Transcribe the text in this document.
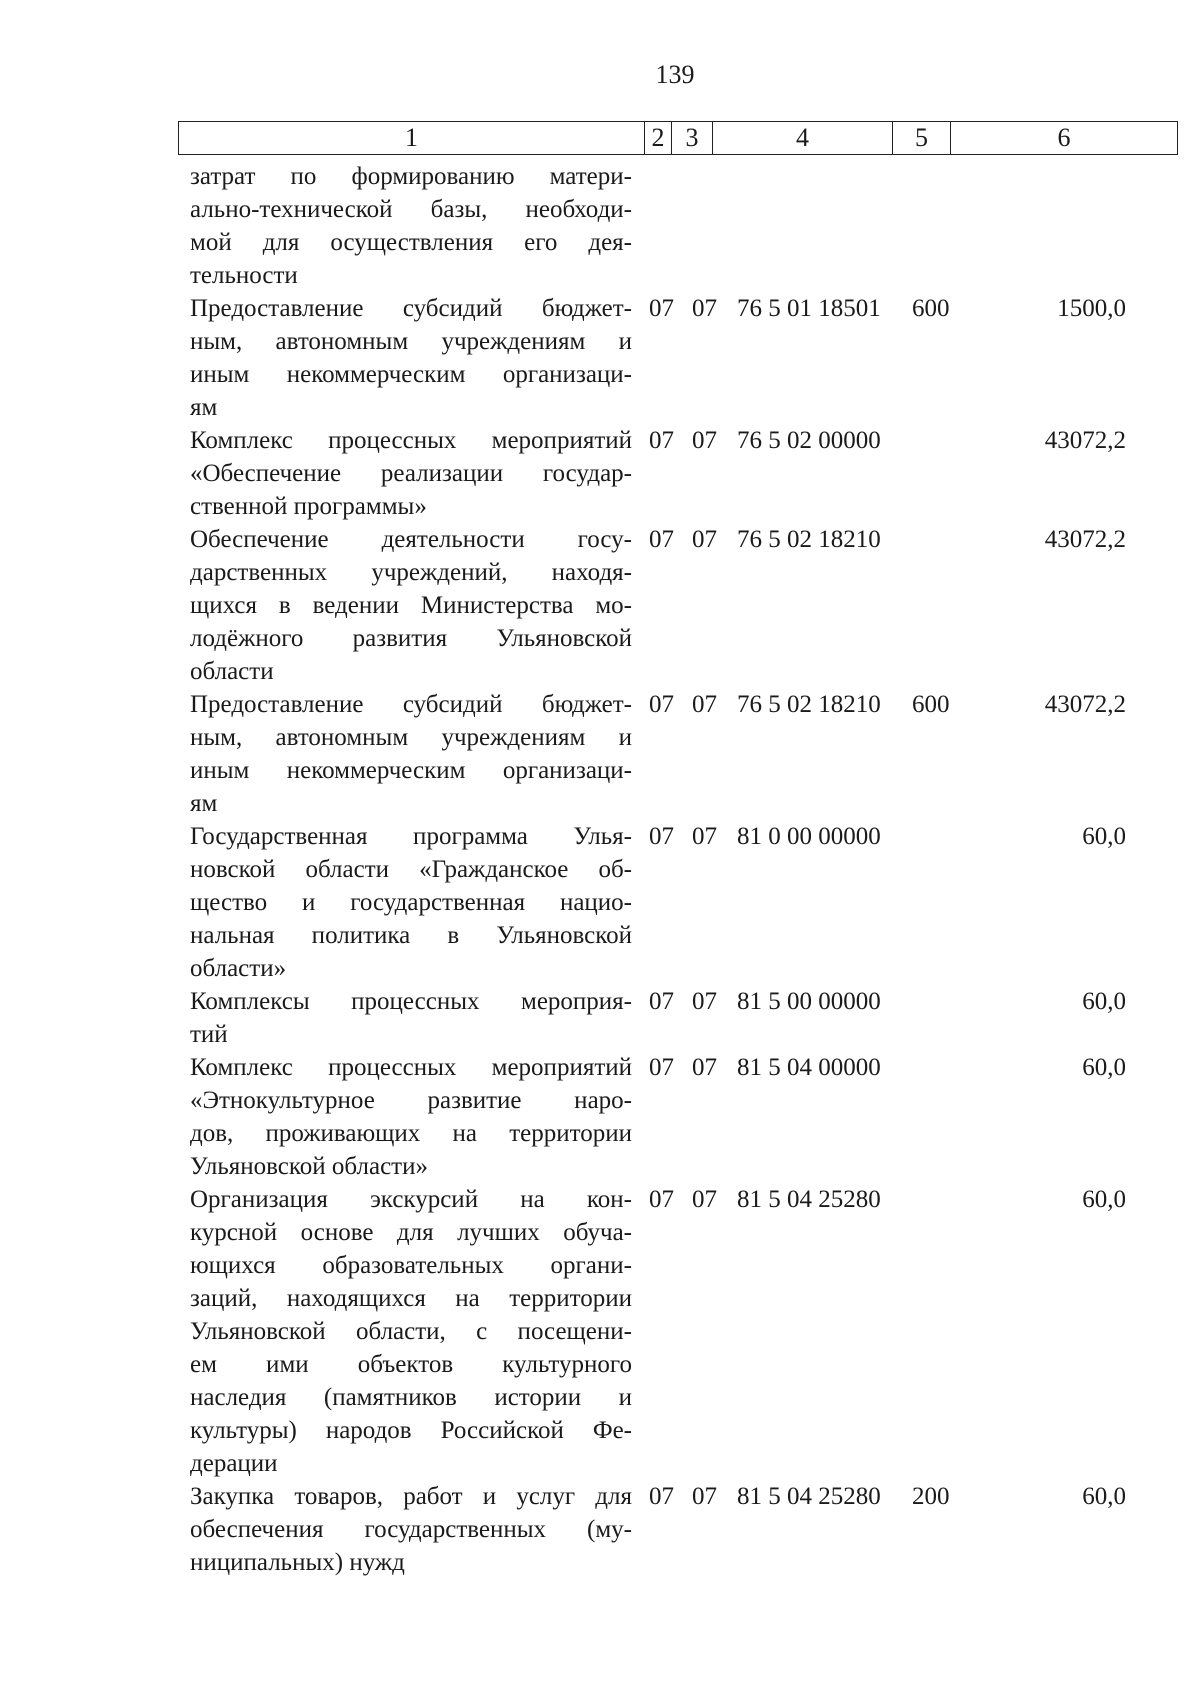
139
1	2 3	4	5	6
затрат по формированию матери-
ально-технической базы, необходи-
мой для осуществления его дея-
тельности
Предоставление субсидий бюджет-
ным, автономным учреждениям и
иным некоммерческим организаци-
ям
07 07 76 5 01 18501 600	1500,0
Комплекс процессных мероприятий
«Обеспечение реализации государ-
ственной программы»
07 07 76 5 02 00000	43072,2
Обеспечение деятельности госу-
дарственных учреждений, находя-
щихся в ведении Министерства мо-
лодёжного развития Ульяновской
области
07 07 76 5 02 18210	43072,2
Предоставление субсидий бюджет-
ным, автономным учреждениям и
иным некоммерческим организаци-
ям
07 07 76 5 02 18210 600	43072,2
Государственная программа Улья-
новской области «Гражданское об-
щество и государственная нацио-
нальная политика в Ульяновской
области»
07 07 81 0 00 00000	60,0
Комплексы процессных мероприя-
тий
07 07 81 5 00 00000	60,0
Комплекс процессных мероприятий
«Этнокультурное развитие наро-
дов, проживающих на территории
Ульяновской области»
07 07 81 5 04 00000	60,0
Организация экскурсий на кон-
курсной основе для лучших обуча-
ющихся образовательных органи-
заций, находящихся на территории
Ульяновской области, с посещени-
ем ими объектов культурного
наследия (памятников истории и
культуры) народов Российской Фе-
дерации
07 07 81 5 04 25280	60,0
Закупка товаров, работ и услуг для
обеспечения государственных (му-
ниципальных) нужд
07 07 81 5 04 25280 200	60,0
